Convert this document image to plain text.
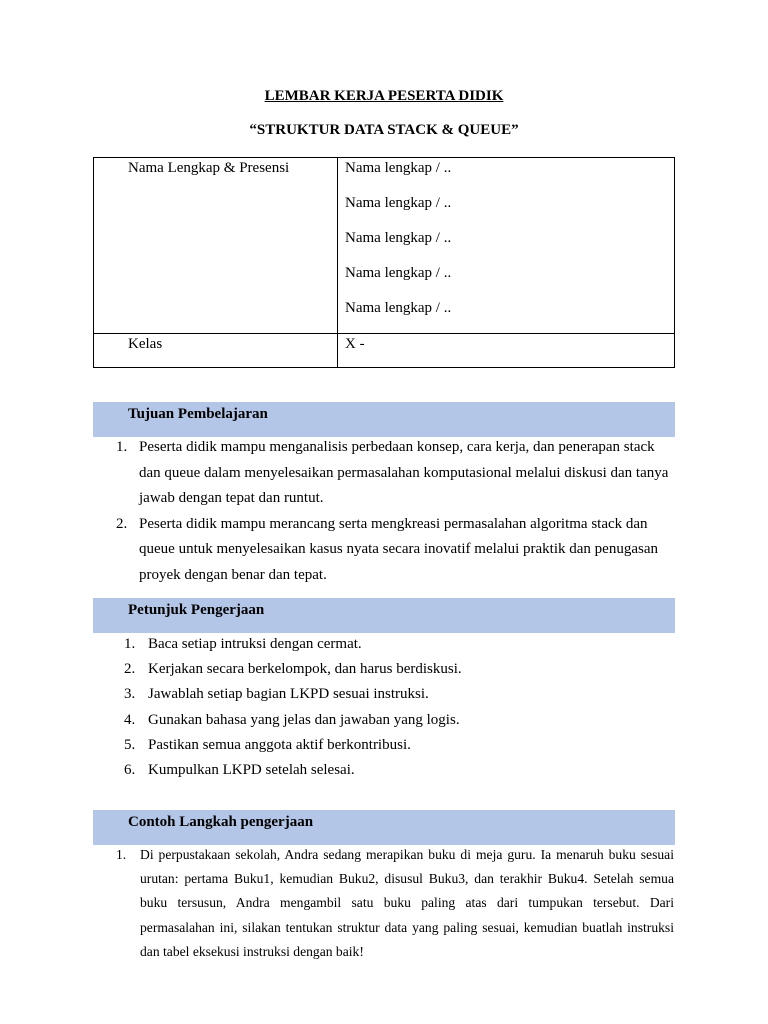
LEMBAR KERJA PESERTA DIDIK
“STRUKTUR DATA STACK & QUEUE”
Nama Lengkap & Presensi	Nama lengkap / ..
Nama lengkap / ..
Nama lengkap / ..
Nama lengkap / ..
Nama lengkap / ..

Kelas	X -
Tujuan Pembelajaran
1. Peserta didik mampu menganalisis perbedaan konsep, cara kerja, dan penerapan stack dan queue dalam menyelesaikan permasalahan komputasional melalui diskusi dan tanya jawab dengan tepat dan runtut.
2. Peserta didik mampu merancang serta mengkreasi permasalahan algoritma stack dan queue untuk menyelesaikan kasus nyata secara inovatif melalui praktik dan penugasan proyek dengan benar dan tepat.
Petunjuk Pengerjaan
1. Baca setiap intruksi dengan cermat.
2. Kerjakan secara berkelompok, dan harus berdiskusi.
3. Jawablah setiap bagian LKPD sesuai instruksi.
4. Gunakan bahasa yang jelas dan jawaban yang logis.
5. Pastikan semua anggota aktif berkontribusi.
6. Kumpulkan LKPD setelah selesai.
Contoh Langkah pengerjaan
1. Di perpustakaan sekolah, Andra sedang merapikan buku di meja guru. Ia menaruh buku sesuai urutan: pertama Buku1, kemudian Buku2, disusul Buku3, dan terakhir Buku4. Setelah semua buku tersusun, Andra mengambil satu buku paling atas dari tumpukan tersebut. Dari permasalahan ini, silakan tentukan struktur data yang paling sesuai, kemudian buatlah instruksi dan tabel eksekusi instruksi dengan baik!
